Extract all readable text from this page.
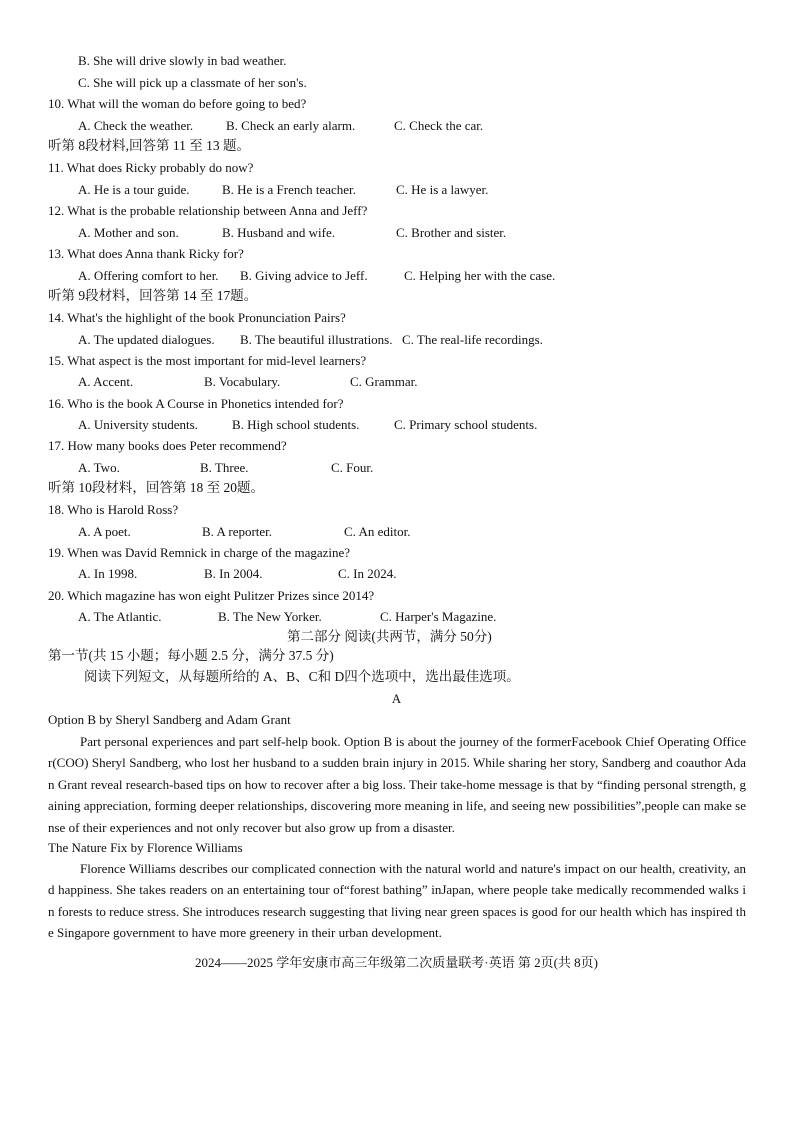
B. She will drive slowly in bad weather.
C. She will pick up a classmate of her son's.
10. What will the woman do before going to bed?
A. Check the weather.	B. Check an early alarm.	C. Check the car.
听第 8段材料,回答第 11 至 13 题。
11. What does Ricky probably do now?
A. He is a tour guide. B. He is a French teacher.	C. He is a lawyer.
12. What is the probable relationship between Anna and Jeff?
A. Mother and son.	B. Husband and wife.	C. Brother and sister.
13. What does Anna thank Ricky for?
A. Offering comfort to her. B. Giving advice to Jeff.	C. Helping her with the case.
听第 9段材料，回答第 14 至 17题。
14. What's the highlight of the book Pronunciation Pairs?
A. The updated dialogues. B. The beautiful illustrations. C. The real-life recordings.
15. What aspect is the most important for mid-level learners?
A. Accent.	B. Vocabulary.	C. Grammar.
16. Who is the book A Course in Phonetics intended for?
A. University students.	B. High school students.	C. Primary school students.
17. How many books does Peter recommend?
A. Two.	B. Three.	C. Four.
听第 10段材料，回答第 18 至 20题。
18. Who is Harold Ross?
A. A poet.	B. A reporter.	C. An editor.
19. When was David Remnick in charge of the magazine?
A. In 1998.	B. In 2004.	C. In 2024.
20. Which magazine has won eight Pulitzer Prizes since 2014?
A. The Atlantic.	B. The New Yorker.	C. Harper's Magazine.
第二部分 阅读(共两节，满分 50分)
第一节(共 15 小题；每小题 2.5 分，满分 37.5 分)
阅读下列短文，从每题所给的 A、B、C和 D四个选项中，选出最佳选项。
A
Option B by Sheryl Sandberg and Adam Grant
Part personal experiences and part self-help book. Option B is about the journey of the formerFacebook Chief Operating Officer(COO) Sheryl Sandberg, who lost her husband to a sudden brain injury in 2015. While sharing her story, Sandberg and coauthor Adan Grant reveal research-based tips on how to recover after a big loss. Their take-home message is that by “finding personal strength, gaining appreciation, forming deeper relationships, discovering more meaning in life, and seeing new possibilities”,people can make sense of their experiences and not only recover but also grow up from a disaster.
The Nature Fix by Florence Williams
Florence Williams describes our complicated connection with the natural world and nature's impact on our health, creativity, and happiness. She takes readers on an entertaining tour of“forest bathing” inJapan, where people take medically recommended walks in forests to reduce stress. She introduces research suggesting that living near green spaces is good for our health which has inspired the Singapore government to have more greenery in their urban development.
2024——2025 学年安康市高三年级第二次质量联考·英语 第 2页(共 8页)
